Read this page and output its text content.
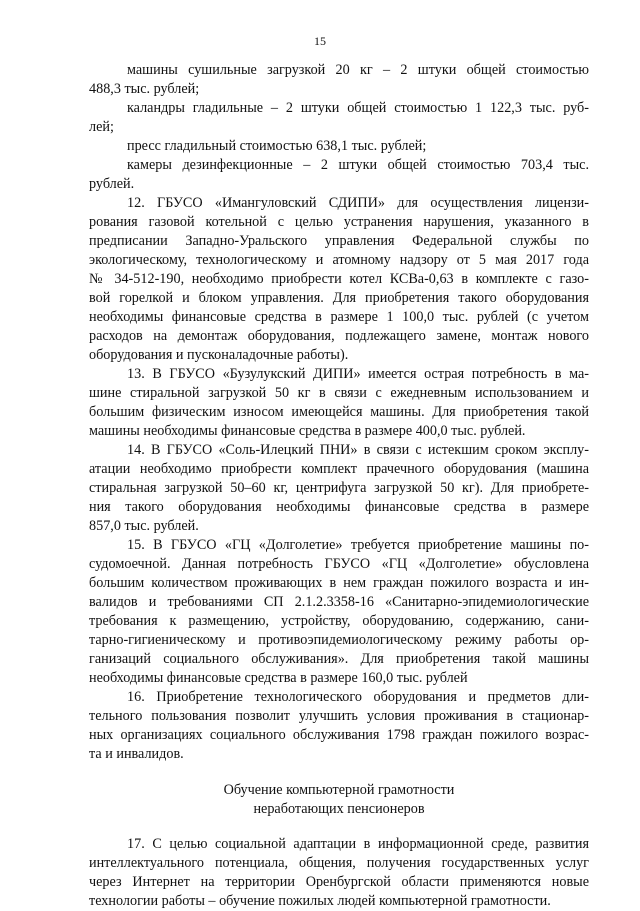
15
машины сушильные загрузкой 20 кг – 2 штуки общей стоимостью
488,3 тыс. рублей;
каландры гладильные – 2 штуки общей стоимостью 1 122,3 тыс. руб-
лей;
пресс гладильный стоимостью 638,1 тыс. рублей;
камеры дезинфекционные – 2 штуки общей стоимостью 703,4 тыс.
рублей.
12. ГБУСО «Имангуловский СДИПИ» для осуществления лицензи-
рования газовой котельной с целью устранения нарушения, указанного в
предписании Западно-Уральского управления Федеральной службы по
экологическому, технологическому и атомному надзору от 5 мая 2017 года
№ 34-512-190, необходимо приобрести котел КСВа-0,63 в комплекте с газо-
вой горелкой и блоком управления. Для приобретения такого оборудования
необходимы финансовые средства в размере 1 100,0 тыс. рублей (с учетом
расходов на демонтаж оборудования, подлежащего замене, монтаж нового
оборудования и пусконаладочные работы).
13. В ГБУСО «Бузулукский ДИПИ» имеется острая потребность в ма-
шине стиральной загрузкой 50 кг в связи с ежедневным использованием и
большим физическим износом имеющейся машины. Для приобретения такой
машины необходимы финансовые средства в размере 400,0 тыс. рублей.
14. В ГБУСО «Соль-Илецкий ПНИ» в связи с истекшим сроком эксплу-
атации необходимо приобрести комплект прачечного оборудования (машина
стиральная загрузкой 50–60 кг, центрифуга загрузкой 50 кг). Для приобрете-
ния такого оборудования необходимы финансовые средства в размере
857,0 тыс. рублей.
15. В ГБУСО «ГЦ «Долголетие» требуется приобретение машины по-
судомоечной. Данная потребность ГБУСО «ГЦ «Долголетие» обусловлена
большим количеством проживающих в нем граждан пожилого возраста и ин-
валидов и требованиями СП 2.1.2.3358-16 «Санитарно-эпидемиологические
требования к размещению, устройству, оборудованию, содержанию, сани-
тарно-гигиеническому и противоэпидемиологическому режиму работы ор-
ганизаций социального обслуживания». Для приобретения такой машины
необходимы финансовые средства в размере 160,0 тыс. рублей
16. Приобретение технологического оборудования и предметов дли-
тельного пользования позволит улучшить условия проживания в стационар-
ных организациях социального обслуживания 1798 граждан пожилого возрас-
та и инвалидов.
Обучение компьютерной грамотности
неработающих пенсионеров
17. С целью социальной адаптации в информационной среде, развития
интеллектуального потенциала, общения, получения государственных услуг
через Интернет на территории Оренбургской области применяются новые
технологии работы – обучение пожилых людей компьютерной грамотности.
